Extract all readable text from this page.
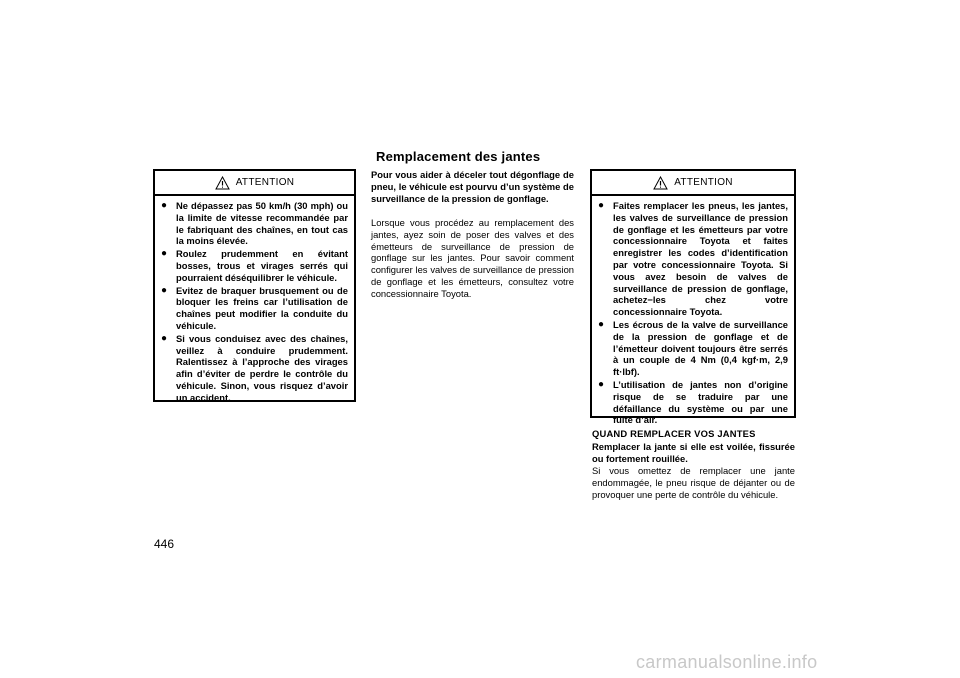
Remplacement des jantes
ATTENTION
● Ne dépassez pas 50 km/h (30 mph) ou la limite de vitesse recommandée par le fabriquant des chaînes, en tout cas la moins élevée.
● Roulez prudemment en évitant bosses, trous et virages serrés qui pourraient déséquilibrer le véhicule.
● Evitez de braquer brusquement ou de bloquer les freins car l’utilisation de chaînes peut modifier la conduite du véhicule.
● Si vous conduisez avec des chaînes, veillez à conduire prudemment. Ralentissez à l’approche des virages afin d’éviter de perdre le contrôle du véhicule. Sinon, vous risquez d’avoir un accident.
Pour vous aider à déceler tout dégonflage de pneu, le véhicule est pourvu d’un système de surveillance de la pression de gonflage.
Lorsque vous procédez au remplacement des jantes, ayez soin de poser des valves et des émetteurs de surveillance de pression de gonflage sur les jantes. Pour savoir comment configurer les valves de surveillance de pression de gonflage et les émetteurs, consultez votre concessionnaire Toyota.
ATTENTION
● Faites remplacer les pneus, les jantes, les valves de surveillance de pression de gonflage et les émetteurs par votre concessionnaire Toyota et faites enregistrer les codes d’identification par votre concessionnaire Toyota. Si vous avez besoin de valves de surveillance de pression de gonflage, achetez−les chez votre concessionnaire Toyota.
● Les écrous de la valve de surveillance de la pression de gonflage et de l’émetteur doivent toujours être serrés à un couple de 4 Nm (0,4 kgf·m, 2,9 ft·lbf).
● L’utilisation de jantes non d’origine risque de se traduire par une défaillance du système ou par une fuite d’air.
QUAND REMPLACER VOS JANTES
Remplacer la jante si elle est voilée, fissurée ou fortement rouillée.
Si vous omettez de remplacer une jante endommagée, le pneu risque de déjanter ou de provoquer une perte de contrôle du véhicule.
446
carmanualsonline.info
